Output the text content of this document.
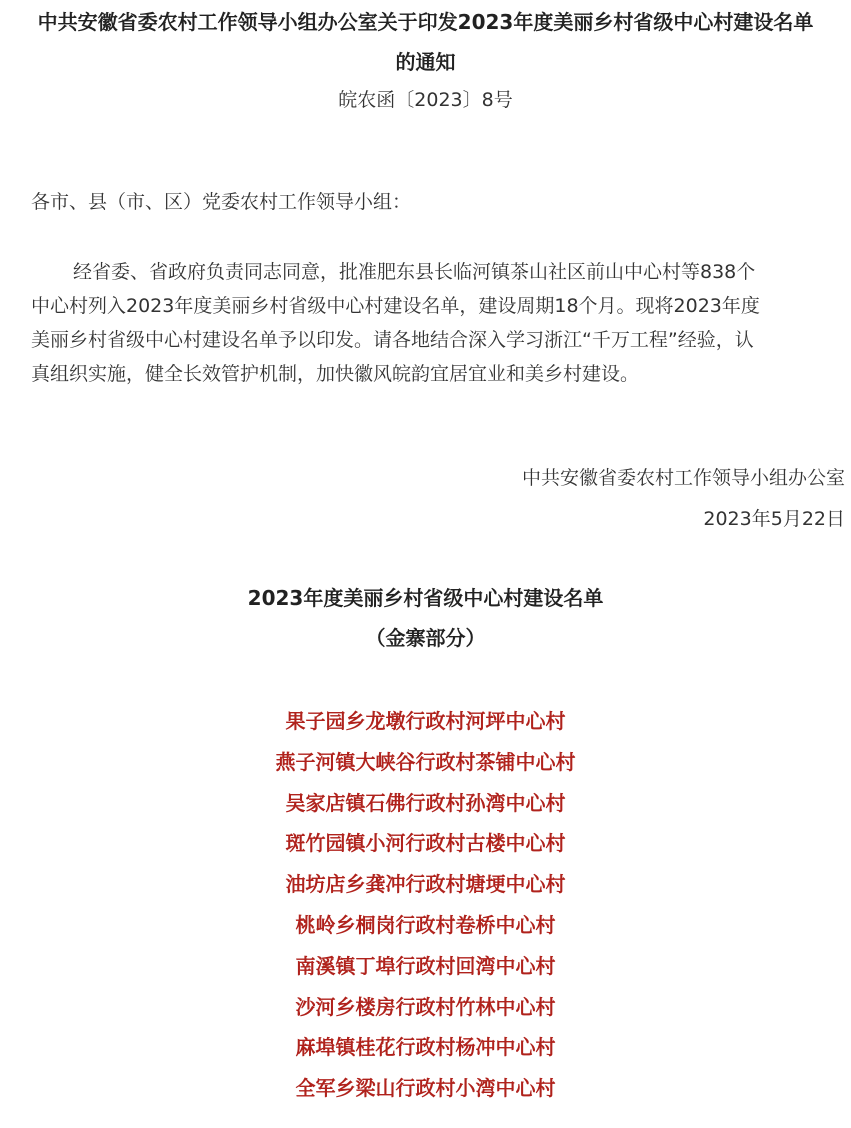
中共安徽省委农村工作领导小组办公室关于印发2023年度美丽乡村省级中心村建设名单
的通知
皖农函〔2023〕8号
各市、县（市、区）党委农村工作领导小组：
经省委、省政府负责同志同意，批准肥东县长临河镇茶山社区前山中心村等838个
中心村列入2023年度美丽乡村省级中心村建设名单，建设周期18个月。现将2023年度
美丽乡村省级中心村建设名单予以印发。请各地结合深入学习浙江“千万工程”经验，认
真组织实施，健全长效管护机制，加快徽风皖韵宜居宜业和美乡村建设。
中共安徽省委农村工作领导小组办公室
2023年5月22日
2023年度美丽乡村省级中心村建设名单
（金寨部分）
果子园乡龙墩行政村河坪中心村
燕子河镇大峡谷行政村茶铺中心村
吴家店镇石佛行政村孙湾中心村
斑竹园镇小河行政村古楼中心村
油坊店乡龚冲行政村塘埂中心村
桃岭乡桐岗行政村卷桥中心村
南溪镇丁埠行政村回湾中心村
沙河乡楼房行政村竹林中心村
麻埠镇桂花行政村杨冲中心村
全军乡梁山行政村小湾中心村
